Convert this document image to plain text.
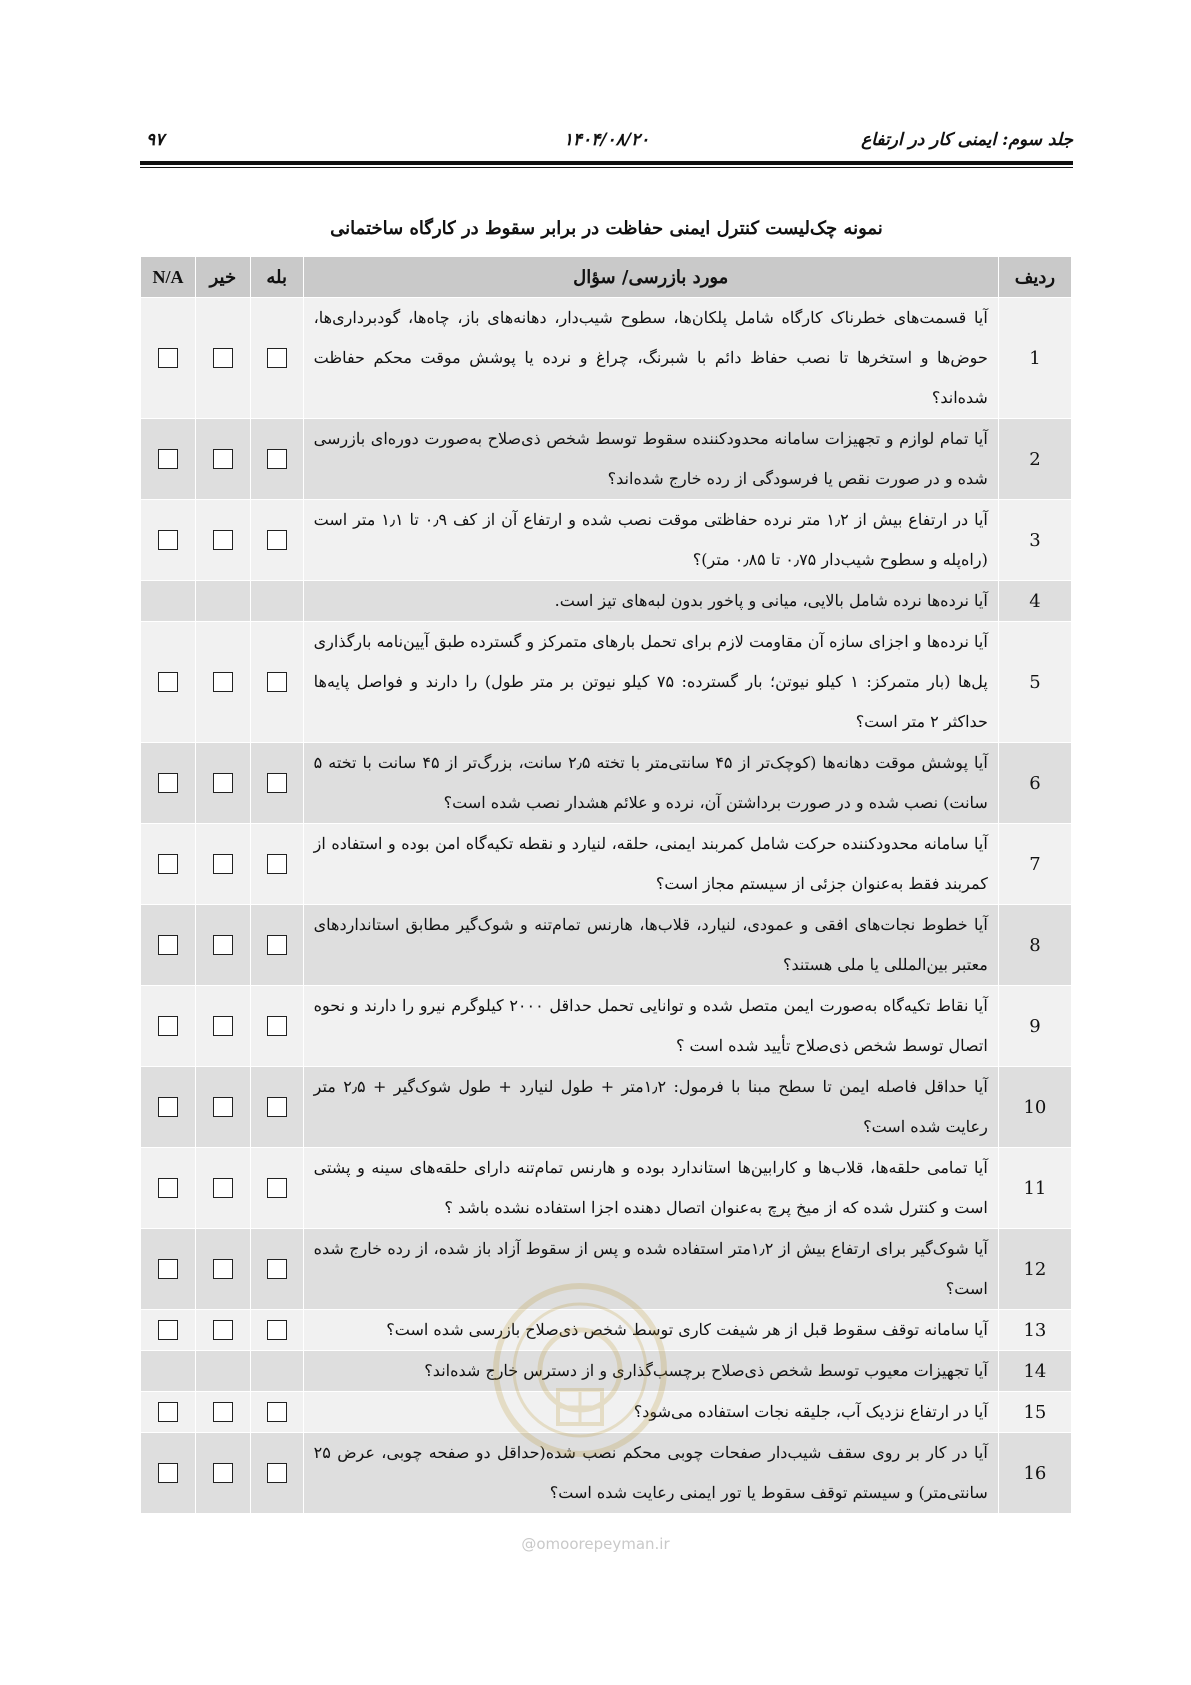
جلد سوم: ایمنی کار در ارتفاع
۱۴۰۴/۰۸/۲۰
۹۷
نمونه چک‌لیست کنترل ایمنی حفاظت در برابر سقوط در کارگاه ساختمانی
ردیف	مورد بازرسی/ سؤال	بله	خیر	N/A
1	آیا قسمت‌های خطرناک کارگاه شامل پلکان‌ها، سطوح شیب‌دار، دهانه‌های باز، چاه‌ها، گودبرداری‌ها، حوض‌ها و استخرها تا نصب حفاظ دائم با شبرنگ، چراغ و نرده یا پوشش موقت محکم حفاظت شده‌اند؟			
2	آیا تمام لوازم و تجهیزات سامانه محدودکننده سقوط توسط شخص ذی‌صلاح به‌صورت دوره‌ای بازرسی شده و در صورت نقص یا فرسودگی از رده خارج شده‌اند؟			
3	آیا در ارتفاع بیش از ۱٫۲ متر نرده حفاظتی موقت نصب شده و ارتفاع آن از کف ۰٫۹ تا ۱٫۱ متر است (راه‌پله و سطوح شیب‌دار ۰٫۷۵ تا ۰٫۸۵ متر)؟			
4	آیا نرده‌ها نرده شامل بالایی، میانی و پاخور بدون لبه‌های تیز است.			
5	آیا نرده‌ها و اجزای سازه آن مقاومت لازم برای تحمل بارهای متمرکز و گسترده طبق آیین‌نامه بارگذاری پل‌ها (بار متمرکز: ۱ کیلو نیوتن؛ بار گسترده: ۷۵ کیلو نیوتن بر متر طول) را دارند و فواصل پایه‌ها حداکثر ۲ متر است؟			
6	آیا پوشش موقت دهانه‌ها (کوچک‌تر از ۴۵ سانتی‌متر با تخته ۲٫۵ سانت، بزرگ‌تر از ۴۵ سانت با تخته ۵ سانت) نصب شده و در صورت برداشتن آن، نرده و علائم هشدار نصب شده است؟			
7	آیا سامانه محدودکننده حرکت شامل کمربند ایمنی، حلقه، لنیارد و نقطه تکیه‌گاه امن بوده و استفاده از کمربند فقط به‌عنوان جزئی از سیستم مجاز است؟			
8	آیا خطوط نجات‌های افقی و عمودی، لنیارد، قلاب‌ها، هارنس تمام‌تنه و شوک‌گیر مطابق استانداردهای معتبر بین‌المللی یا ملی هستند؟			
9	آیا نقاط تکیه‌گاه به‌صورت ایمن متصل شده و توانایی تحمل حداقل ۲۰۰۰ کیلوگرم نیرو را دارند و نحوه اتصال توسط شخص ذی‌صلاح تأیید شده است ؟			
10	آیا حداقل فاصله ایمن تا سطح مبنا با فرمول: ۱٫۲متر + طول لنیارد + طول شوک‌گیر + ۲٫۵ متر رعایت شده است؟			
11	آیا تمامی حلقه‌ها، قلاب‌ها و کارابین‌ها استاندارد بوده و هارنس تمام‌تنه دارای حلقه‌های سینه و پشتی است و کنترل شده که از میخ پرچ به‌عنوان اتصال دهنده اجزا استفاده نشده باشد ؟			
12	آیا شوک‌گیر برای ارتفاع بیش از ۱٫۲متر استفاده شده و پس از سقوط آزاد باز شده، از رده خارج شده است؟			
13	آیا سامانه توقف سقوط قبل از هر شیفت کاری توسط شخص ذی‌صلاح بازرسی شده است؟			
14	آیا تجهیزات معیوب توسط شخص ذی‌صلاح برچسب‌گذاری و از دسترس خارج شده‌اند؟			
15	آیا در ارتفاع نزدیک آب، جلیقه نجات استفاده می‌شود؟			
16	آیا در کار بر روی سقف شیب‌دار صفحات چوبی محکم نصب شده(حداقل دو صفحه چوبی، عرض ۲۵ سانتی‌متر) و سیستم توقف سقوط یا تور ایمنی رعایت شده است؟			
@omoorepeyman.ir
